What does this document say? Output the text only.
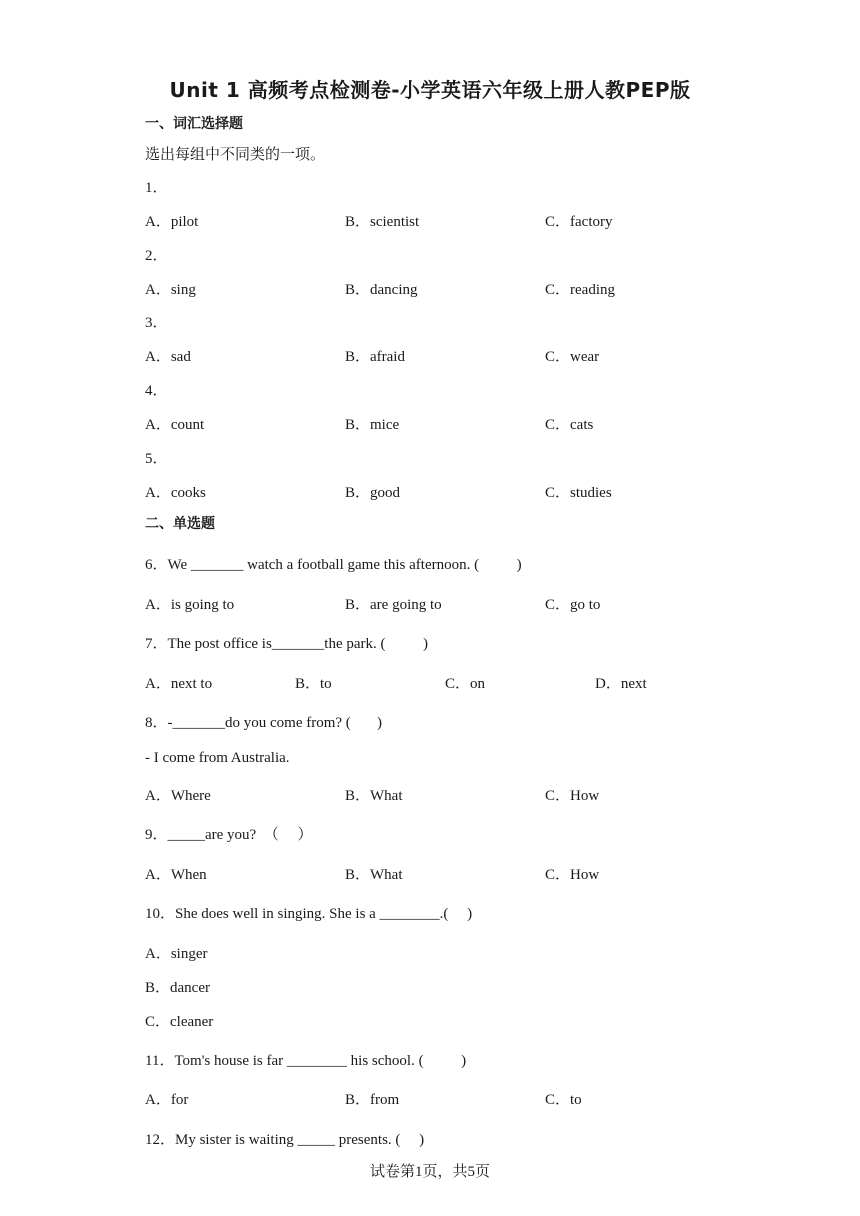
Unit 1 高频考点检测卷-小学英语六年级上册人教PEP版
一、词汇选择题
选出每组中不同类的一项。
1．
A．pilot	B．scientist	C．factory
2．
A．sing	B．dancing	C．reading
3．
A．sad	B．afraid	C．wear
4．
A．count	B．mice	C．cats
5．
A．cooks	B．good	C．studies
二、单选题
6．We _______ watch a football game this afternoon. (          )
A．is going to	B．are going to	C．go to
7．The post office is_______the park. (          )
A．next to	B．to	C．on	D．next
8．-_______do you come from? (       )
- I come from Australia.
A．Where	B．What	C．How
9．_____are you?  （     ）
A．When	B．What	C．How
10．She does well in singing. She is a ________.(     )
A．singer
B．dancer
C．cleaner
11．Tom's house is far ________ his school. (          )
A．for	B．from	C．to
12．My sister is waiting _____ presents. (     )
试卷第1页，共5页
